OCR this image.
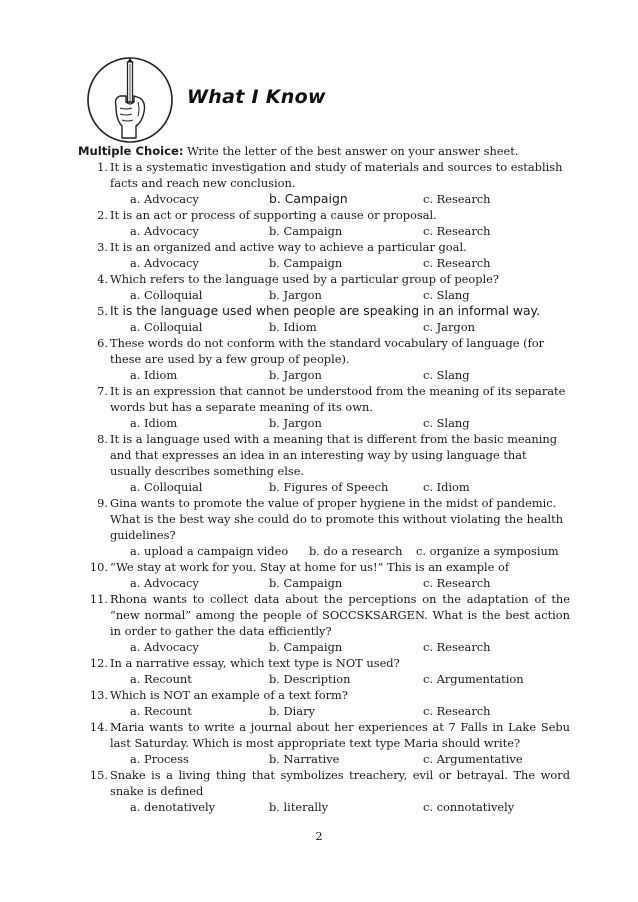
What I Know
Multiple Choice: Write the letter of the best answer on your answer sheet.
1. It is a systematic investigation and study of materials and sources to establish facts and reach new conclusion.
a. Advocacy	b. Campaign	c. Research
2. It is an act or process of supporting a cause or proposal.
a. Advocacy	b. Campaign	c. Research
3. It is an organized and active way to achieve a particular goal.
a. Advocacy	b. Campaign	c. Research
4. Which refers to the language used by a particular group of people?
a. Colloquial	b. Jargon	c. Slang
5. It is the language used when people are speaking in an informal way.
a. Colloquial	b. Idiom	c. Jargon
6. These words do not conform with the standard vocabulary of language (for these are used by a few group of people).
a. Idiom	b. Jargon	c. Slang
7. It is an expression that cannot be understood from the meaning of its separate words but has a separate meaning of its own.
a. Idiom	b. Jargon	c. Slang
8. It is a language used with a meaning that is different from the basic meaning and that expresses an idea in an interesting way by using language that usually describes something else.
a. Colloquial	b. Figures of Speech	c. Idiom
9. Gina wants to promote the value of proper hygiene in the midst of pandemic. What is the best way she could do to promote this without violating the health guidelines?
a. upload a campaign video b. do a research c. organize a symposium
10. “We stay at work for you. Stay at home for us!” This is an example of
a. Advocacy	b. Campaign	c. Research
11. Rhona wants to collect data about the perceptions on the adaptation of the “new normal” among the people of SOCCSKSARGEN. What is the best action in order to gather the data efficiently?
a. Advocacy	b. Campaign	c. Research
12. In a narrative essay, which text type is NOT used?
a. Recount	b. Description	c. Argumentation
13. Which is NOT an example of a text form?
a. Recount	b. Diary	c. Research
14. Maria wants to write a journal about her experiences at 7 Falls in Lake Sebu last Saturday. Which is most appropriate text type Maria should write?
a. Process	b. Narrative	c. Argumentative
15. Snake is a living thing that symbolizes treachery, evil or betrayal. The word snake is defined
a. denotatively	b. literally	c. connotatively
2
